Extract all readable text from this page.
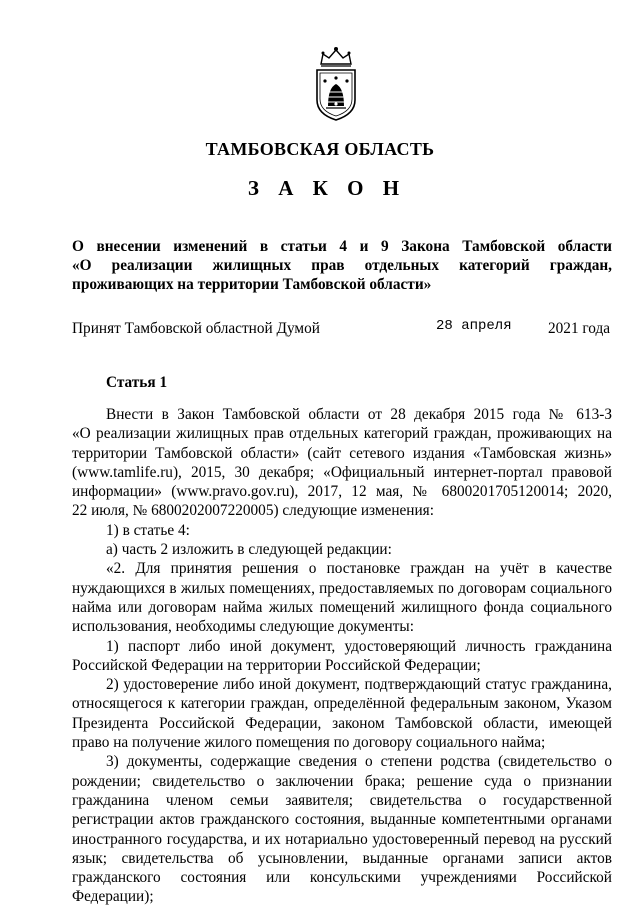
ТАМБОВСКАЯ ОБЛАСТЬ
З А К О Н
О внесении изменений в статьи 4 и 9 Закона Тамбовской области
«О реализации жилищных прав отдельных категорий граждан,
проживающих на территории Тамбовской области»
Принят Тамбовской областной Думой	28 апреля 2021 года
Статья 1
Внести в Закон Тамбовской области от 28 декабря 2015 года № 613-З
«О реализации жилищных прав отдельных категорий граждан, проживающих на
территории Тамбовской области» (сайт сетевого издания «Тамбовская жизнь»
(www.tamlife.ru), 2015, 30 декабря; «Официальный интернет-портал правовой
информации» (www.pravo.gov.ru), 2017, 12 мая, № 6800201705120014; 2020,
22 июля, № 6800202007220005) следующие изменения:
1) в статье 4:
а) часть 2 изложить в следующей редакции:
«2. Для принятия решения о постановке граждан на учёт в качестве
нуждающихся в жилых помещениях, предоставляемых по договорам социального
найма или договорам найма жилых помещений жилищного фонда социального
использования, необходимы следующие документы:
1) паспорт либо иной документ, удостоверяющий личность гражданина
Российской Федерации на территории Российской Федерации;
2) удостоверение либо иной документ, подтверждающий статус гражданина,
относящегося к категории граждан, определённой федеральным законом, Указом
Президента Российской Федерации, законом Тамбовской области, имеющей
право на получение жилого помещения по договору социального найма;
3) документы, содержащие сведения о степени родства (свидетельство о
рождении; свидетельство о заключении брака; решение суда о признании
гражданина членом семьи заявителя; свидетельства о государственной
регистрации актов гражданского состояния, выданные компетентными органами
иностранного государства, и их нотариально удостоверенный перевод на русский
язык; свидетельства об усыновлении, выданные органами записи актов
гражданского состояния или консульскими учреждениями Российской
Федерации);
